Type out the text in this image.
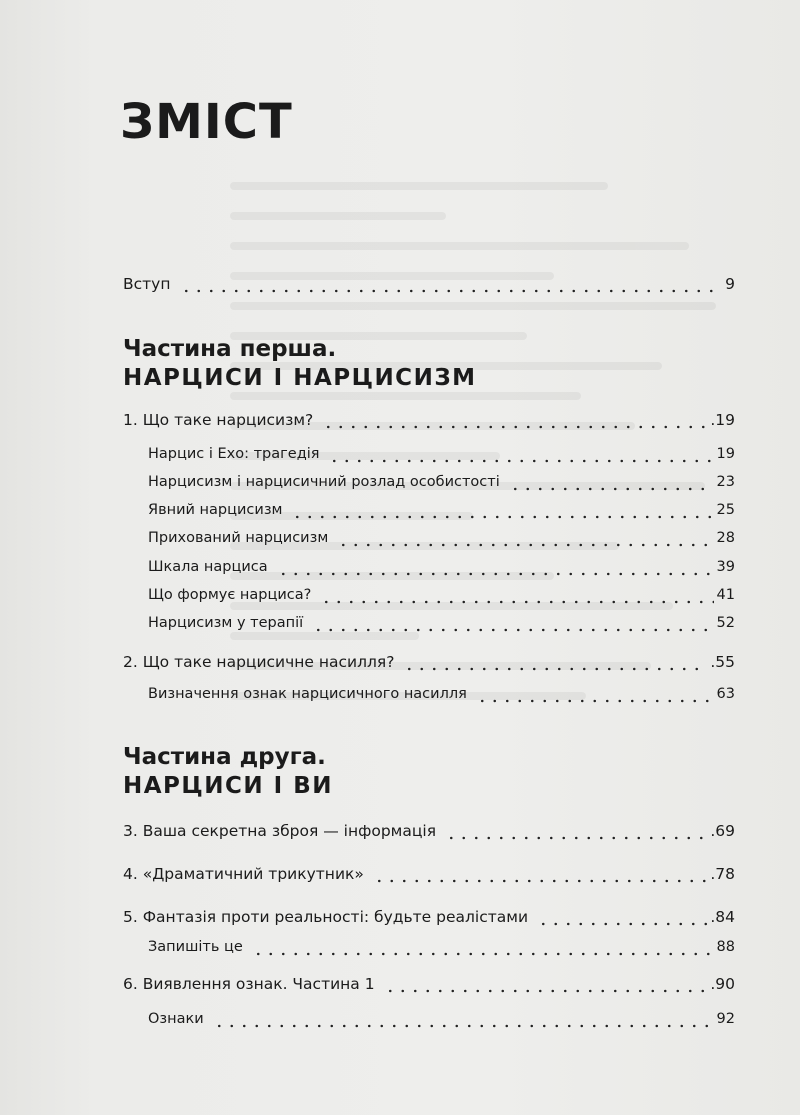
ЗМІСТ
Вступ	9
Частина перша.
НАРЦИСИ І НАРЦИСИЗМ
1. Що таке нарцисизм?	.19
Нарцис і Ехо: трагедія	19
Нарцисизм і нарцисичний розлад особистості	23
Явний нарцисизм	25
Прихований нарцисизм	28
Шкала нарциса	39
Що формує нарциса?	41
Нарцисизм у терапії	52
2. Що таке нарцисичне насилля?	.55
Визначення ознак нарцисичного насилля	63
Частина друга.
НАРЦИСИ І ВИ
3. Ваша секретна зброя — інформація	.69
4. «Драматичний трикутник»	.78
5. Фантазія проти реальності: будьте реалістами	.84
Запишіть це	88
6. Виявлення ознак. Частина 1	.90
Ознаки	92
